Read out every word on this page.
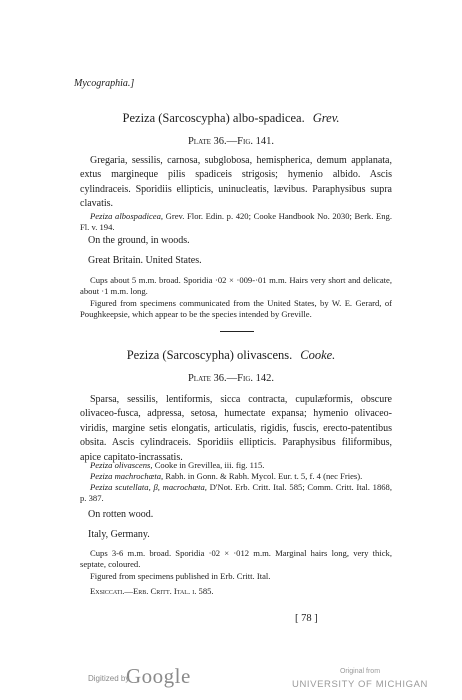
Mycographia.]
Peziza (Sarcoscypha) albo-spadicea. Grev.
Plate 36.—Fig. 141.
Gregaria, sessilis, carnosa, subglobosa, hemispherica, demum applanata, extus margineque pilis spadiceis strigosis; hymenio albido. Ascis cylindraceis. Sporidiis ellipticis, uninucleatis, lævibus. Paraphysibus supra clavatis.
Peziza albospadicea, Grev. Flor. Edin. p. 420; Cooke Handbook No. 2030; Berk. Eng. Fl. v. 194.
On the ground, in woods.
Great Britain. United States.
Cups about 5 m.m. broad. Sporidia ·02 × ·009-·01 m.m. Hairs very short and delicate, about ·1 m.m. long.
Figured from specimens communicated from the United States, by W. E. Gerard, of Poughkeepsie, which appear to be the species intended by Greville.
Peziza (Sarcoscypha) olivascens. Cooke.
Plate 36.—Fig. 142.
Sparsa, sessilis, lentiformis, sicca contracta, cupulæformis, obscure olivaceo-fusca, adpressa, setosa, humectate expansa; hymenio olivaceo-viridis, margine setis elongatis, articulatis, rigidis, fuscis, erecto-patentibus obsita. Ascis cylindraceis. Sporidiis ellipticis. Paraphysibus filiformibus, apice capitato-incrassatis.
Peziza olivascens, Cooke in Grevillea, iii. fig. 115.
Peziza machrochæta, Rabh. in Gonn. & Rabh. Mycol. Eur. t. 5, f. 4 (nec Fries).
Peziza scutellata, β, macrochæta, D'Not. Erb. Critt. Ital. 585; Comm. Critt. Ital. 1868, p. 387.
On rotten wood.
Italy, Germany.
Cups 3-6 m.m. broad. Sporidia ·02 × ·012 m.m. Marginal hairs long, very thick, septate, coloured.
Figured from specimens published in Erb. Critt. Ital.
Exsiccati.—Erb. Critt. Ital. i. 585.
[ 78 ]
Digitized by
Google	Original from
UNIVERSITY OF MICHIGAN
